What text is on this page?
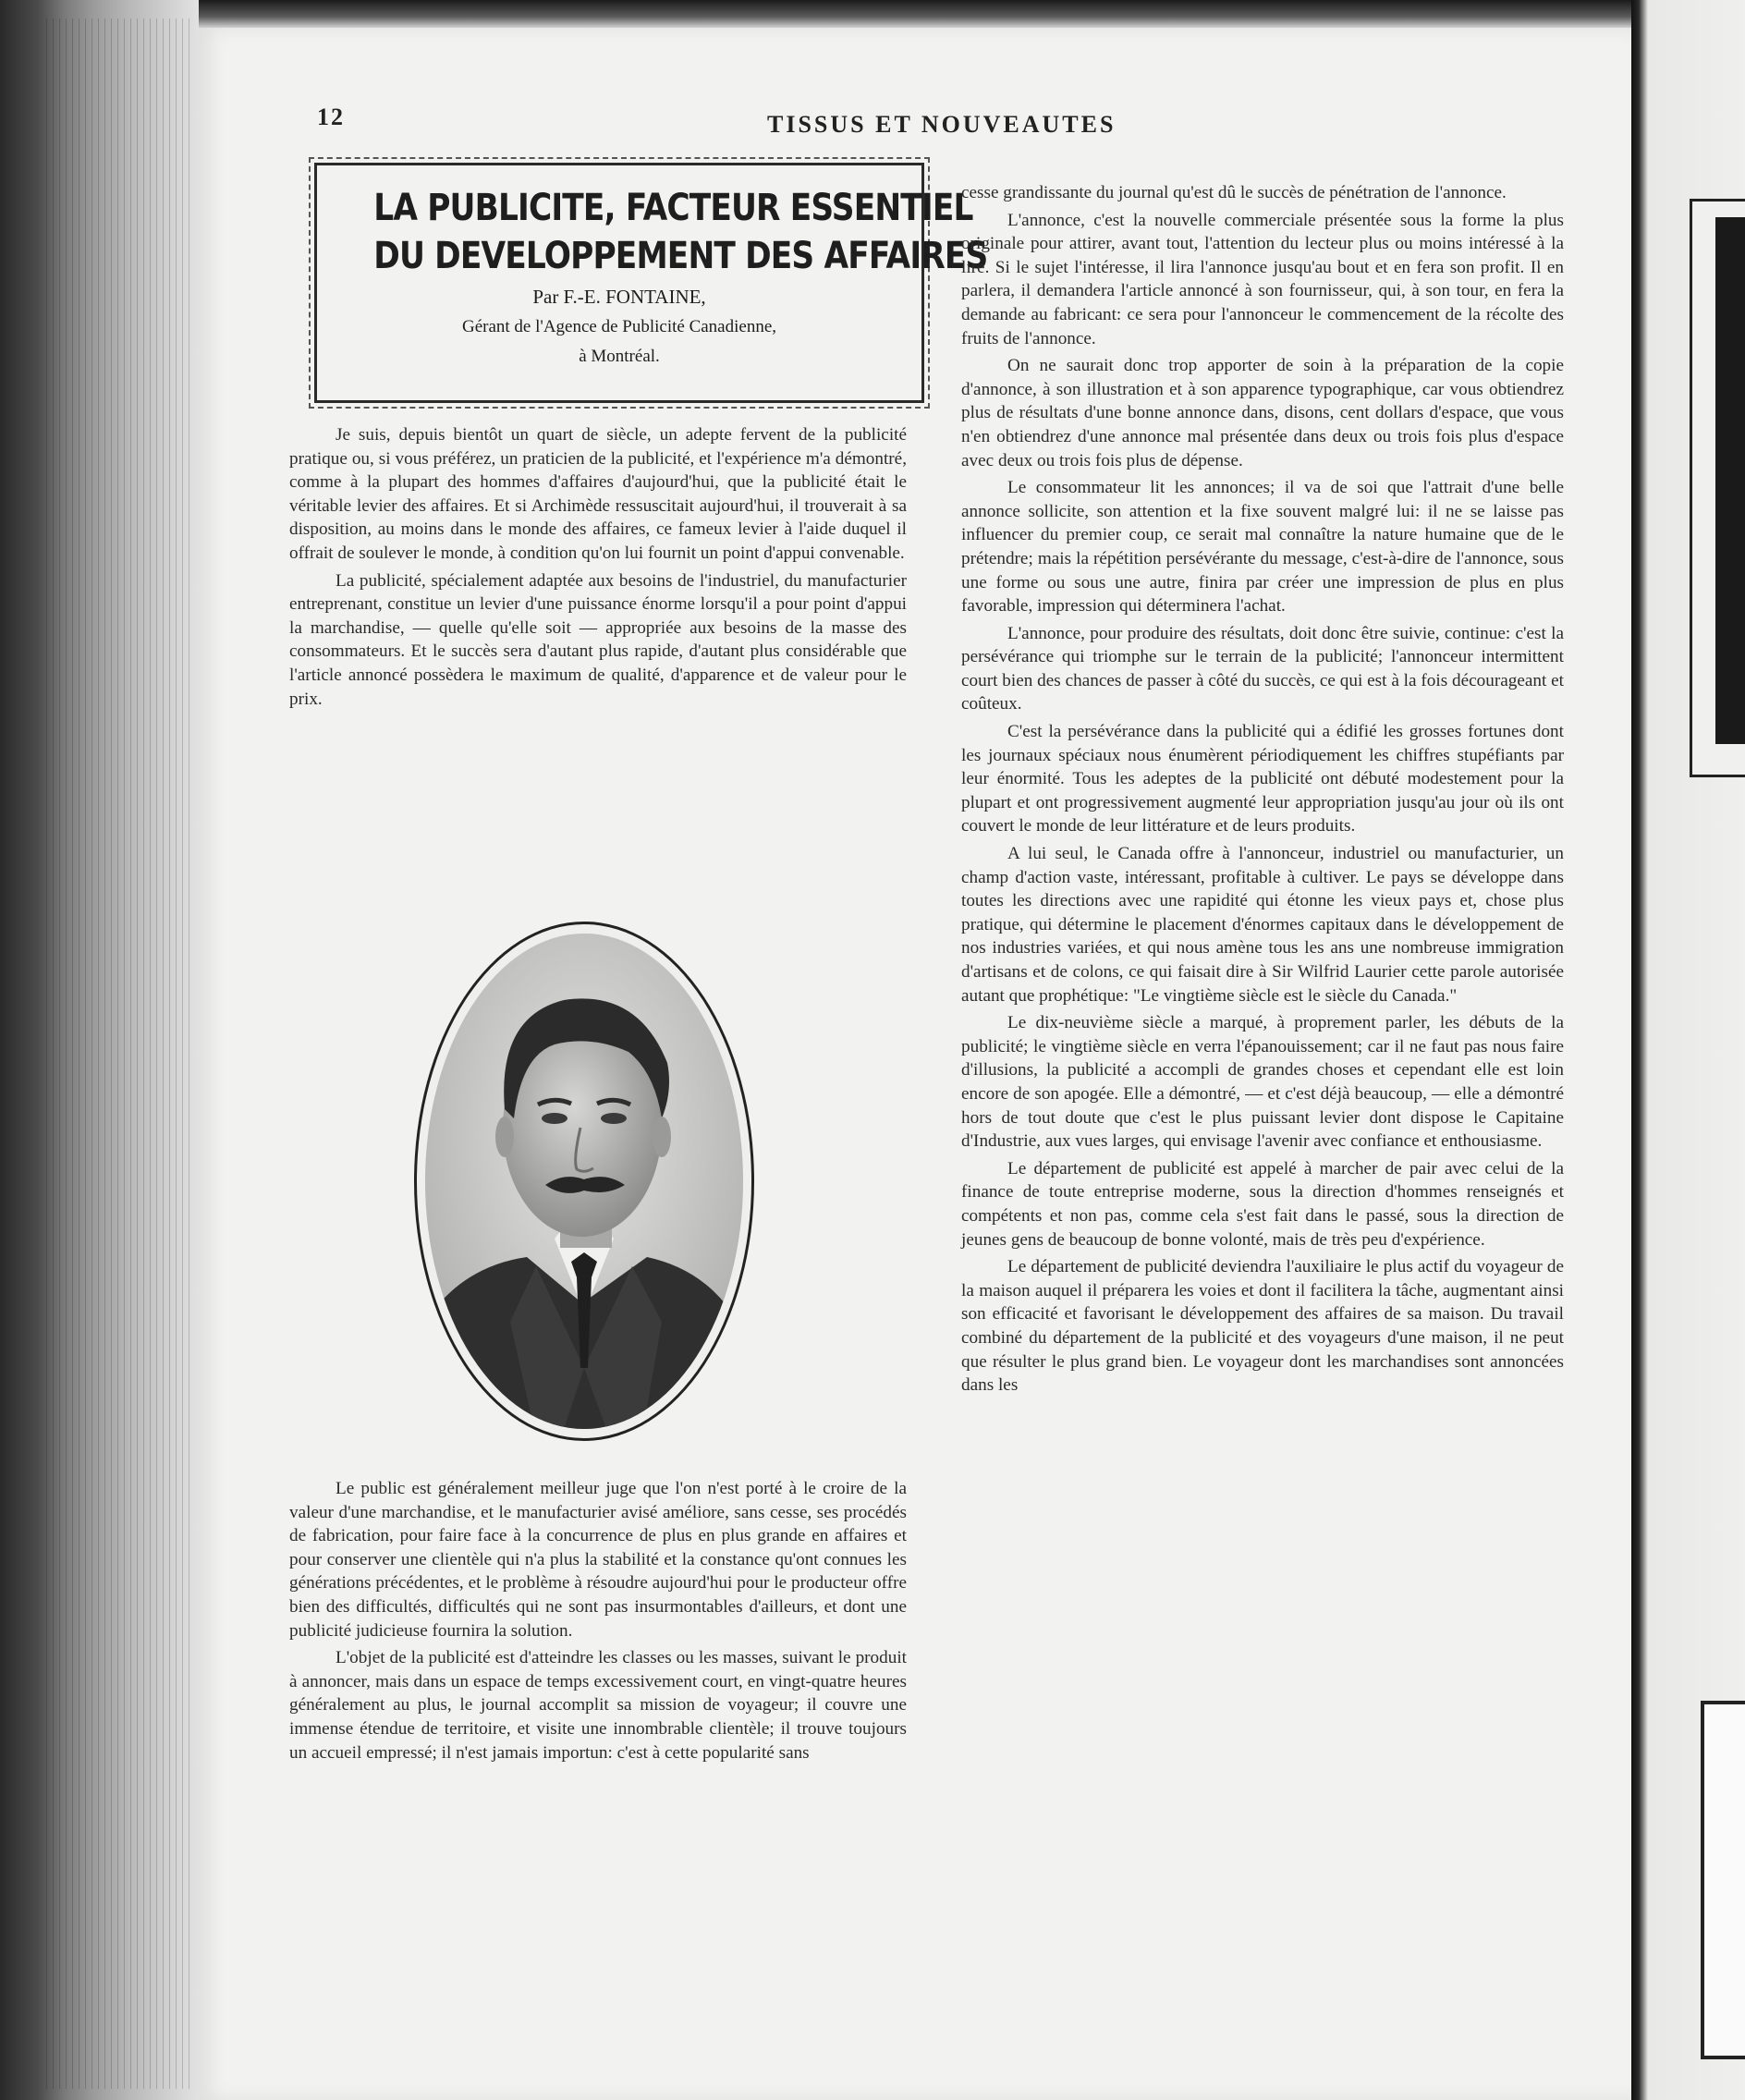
12	TISSUS ET NOUVEAUTES
LA PUBLICITE, FACTEUR ESSENTIEL
DU DEVELOPPEMENT DES AFFAIRES
Par F.-E. FONTAINE,
Gérant de l'Agence de Publicité Canadienne,
à Montréal.

Je suis, depuis bientôt un quart de siècle, un adepte fervent de la publicité pratique ou, si vous préférez, un praticien de la publicité, et l'expérience m'a démontré, comme à la plupart des hommes d'affaires d'aujourd'hui, que la publicité était le véritable levier des affaires. Et si Archimède ressuscitait aujourd'hui, il trouverait à sa disposition, au moins dans le monde des affaires, ce fameux levier à l'aide duquel il offrait de soulever le monde, à condition qu'on lui fournit un point d'appui convenable.

La publicité, spécialement adaptée aux besoins de l'industriel, du manufacturier entreprenant, constitue un levier d'une puissance énorme lorsqu'il a pour point d'appui la marchandise, — quelle qu'elle soit — appropriée aux besoins de la masse des consommateurs. Et le succès sera d'autant plus rapide, d'autant plus considérable que l'article annoncé possèdera le maximum de qualité, d'apparence et de valeur pour le prix.

Le public est généralement meilleur juge que l'on n'est porté à le croire de la valeur d'une marchandise, et le manufacturier avisé améliore, sans cesse, ses procédés de fabrication, pour faire face à la concurrence de plus en plus grande en affaires et pour conserver une clientèle qui n'a plus la stabilité et la constance qu'ont connues les générations précédentes, et le problème à résoudre aujourd'hui pour le producteur offre bien des difficultés, difficultés qui ne sont pas insurmontables d'ailleurs, et dont une publicité judicieuse fournira la solution.

L'objet de la publicité est d'atteindre les classes ou les masses, suivant le produit à annoncer, mais dans un espace de temps excessivement court, en vingt-quatre heures généralement au plus, le journal accomplit sa mission de voyageur; il couvre une immense étendue de territoire, et visite une innombrable clientèle; il trouve toujours un accueil empressé; il n'est jamais importun: c'est à cette popularité sans

cesse grandissante du journal qu'est dû le succès de pénétration de l'annonce.

L'annonce, c'est la nouvelle commerciale présentée sous la forme la plus originale pour attirer, avant tout, l'attention du lecteur plus ou moins intéressé à la lire. Si le sujet l'intéresse, il lira l'annonce jusqu'au bout et en fera son profit. Il en parlera, il demandera l'article annoncé à son fournisseur, qui, à son tour, en fera la demande au fabricant: ce sera pour l'annonceur le commencement de la récolte des fruits de l'annonce.

On ne saurait donc trop apporter de soin à la préparation de la copie d'annonce, à son illustration et à son apparence typographique, car vous obtiendrez plus de résultats d'une bonne annonce dans, disons, cent dollars d'espace, que vous n'en obtiendrez d'une annonce mal présentée dans deux ou trois fois plus d'espace avec deux ou trois fois plus de dépense.

Le consommateur lit les annonces; il va de soi que l'attrait d'une belle annonce sollicite, son attention et la fixe souvent malgré lui: il ne se laisse pas influencer du premier coup, ce serait mal connaître la nature humaine que de le prétendre; mais la répétition persévérante du message, c'est-à-dire de l'annonce, sous une forme ou sous une autre, finira par créer une impression de plus en plus favorable, impression qui déterminera l'achat.

L'annonce, pour produire des résultats, doit donc être suivie, continue: c'est la persévérance qui triomphe sur le terrain de la publicité; l'annonceur intermittent court bien des chances de passer à côté du succès, ce qui est à la fois décourageant et coûteux.

C'est la persévérance dans la publicité qui a édifié les grosses fortunes dont les journaux spéciaux nous énumèrent périodiquement les chiffres stupéfiants par leur énormité. Tous les adeptes de la publicité ont débuté modestement pour la plupart et ont progressivement augmenté leur appropriation jusqu'au jour où ils ont couvert le monde de leur littérature et de leurs produits.

A lui seul, le Canada offre à l'annonceur, industriel ou manufacturier, un champ d'action vaste, intéressant, profitable à cultiver. Le pays se développe dans toutes les directions avec une rapidité qui étonne les vieux pays et, chose plus pratique, qui détermine le placement d'énormes capitaux dans le développement de nos industries variées, et qui nous amène tous les ans une nombreuse immigration d'artisans et de colons, ce qui faisait dire à Sir Wilfrid Laurier cette parole autorisée autant que prophétique: "Le vingtième siècle est le siècle du Canada."

Le dix-neuvième siècle a marqué, à proprement parler, les débuts de la publicité; le vingtième siècle en verra l'épanouissement; car il ne faut pas nous faire d'illusions, la publicité a accompli de grandes choses et cependant elle est loin encore de son apogée. Elle a démontré, — et c'est déjà beaucoup, — elle a démontré hors de tout doute que c'est le plus puissant levier dont dispose le Capitaine d'Industrie, aux vues larges, qui envisage l'avenir avec confiance et enthousiasme.

Le département de publicité est appelé à marcher de pair avec celui de la finance de toute entreprise moderne, sous la direction d'hommes renseignés et compétents et non pas, comme cela s'est fait dans le passé, sous la direction de jeunes gens de beaucoup de bonne volonté, mais de très peu d'expérience.

Le département de publicité deviendra l'auxiliaire le plus actif du voyageur de la maison auquel il préparera les voies et dont il facilitera la tâche, augmentant ainsi son efficacité et favorisant le développement des affaires de sa maison. Du travail combiné du département de la publicité et des voyageurs d'une maison, il ne peut que résulter le plus grand bien. Le voyageur dont les marchandises sont annoncées dans les
